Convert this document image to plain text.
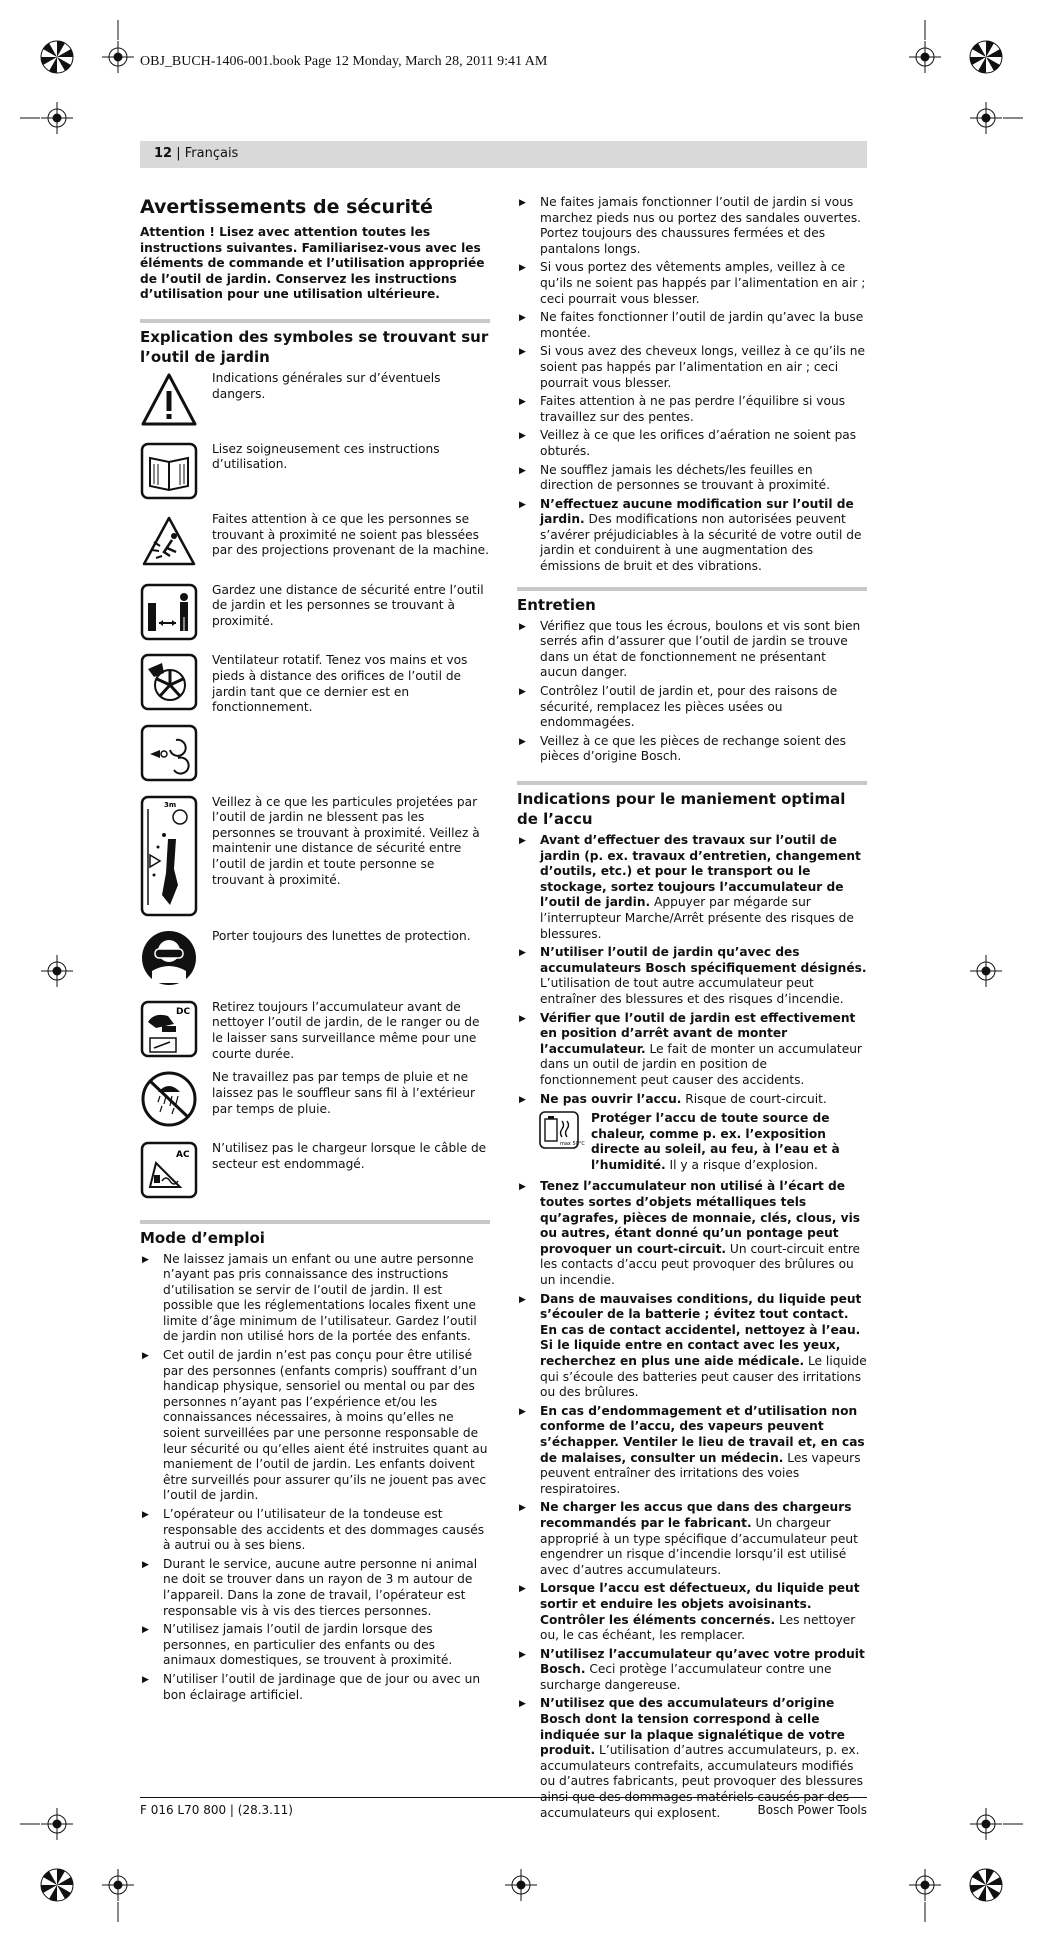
OBJ_BUCH-1406-001.book Page 12 Monday, March 28, 2011 9:41 AM
12 | Français
Avertissements de sécurité
Attention ! Lisez avec attention toutes les instructions suivantes. Familiarisez-vous avec les éléments de commande et l’utilisation appropriée de l’outil de jardin. Conservez les instructions d’utilisation pour une utilisation ultérieure.
Explication des symboles se trouvant sur l’outil de jardin
Indications générales sur d’éventuels dangers.
Lisez soigneusement ces instructions d’utilisation.
Faites attention à ce que les personnes se trouvant à proximité ne soient pas blessées par des projections provenant de la machine.
Gardez une distance de sécurité entre l’outil de jardin et les personnes se trouvant à proximité.
Ventilateur rotatif. Tenez vos mains et vos pieds à distance des orifices de l’outil de jardin tant que ce dernier est en fonctionnement.
3m	Veillez à ce que les particules projetées par l’outil de jardin ne blessent pas les personnes se trouvant à proximité. Veillez à maintenir une distance de sécurité entre l’outil de jardin et toute personne se trouvant à proximité.
Porter toujours des lunettes de protection.
DC Retirez toujours l’accumulateur avant de nettoyer l’outil de jardin, de le ranger ou de le laisser sans surveillance même pour une courte durée.
Ne travaillez pas par temps de pluie et ne laissez pas le souffleur sans fil à l’extérieur par temps de pluie.
AC N’utilisez pas le chargeur lorsque le câble de secteur est endommagé.
Mode d’emploi
▶ Ne laissez jamais un enfant ou une autre personne n’ayant pas pris connaissance des instructions d’utilisation se servir de l’outil de jardin. Il est possible que les réglementations locales fixent une limite d’âge minimum de l’utilisateur. Gardez l’outil de jardin non utilisé hors de la portée des enfants.
▶ Cet outil de jardin n’est pas conçu pour être utilisé par des personnes (enfants compris) souffrant d’un handicap physique, sensoriel ou mental ou par des personnes n’ayant pas l’expérience et/ou les connaissances nécessaires, à moins qu’elles ne soient surveillées par une personne responsable de leur sécurité ou qu’elles aient été instruites quant au maniement de l’outil de jardin. Les enfants doivent être surveillés pour assurer qu’ils ne jouent pas avec l’outil de jardin.
▶ L’opérateur ou l’utilisateur de la tondeuse est responsable des accidents et des dommages causés à autrui ou à ses biens.
▶ Durant le service, aucune autre personne ni animal ne doit se trouver dans un rayon de 3 m autour de l’appareil. Dans la zone de travail, l’opérateur est responsable vis à vis des tierces personnes.
▶ N’utilisez jamais l’outil de jardin lorsque des personnes, en particulier des enfants ou des animaux domestiques, se trouvent à proximité.
▶ N’utiliser l’outil de jardinage que de jour ou avec un bon éclairage artificiel.
▶ Ne faites jamais fonctionner l’outil de jardin si vous marchez pieds nus ou portez des sandales ouvertes. Portez toujours des chaussures fermées et des pantalons longs.
▶ Si vous portez des vêtements amples, veillez à ce qu’ils ne soient pas happés par l’alimentation en air ; ceci pourrait vous blesser.
▶ Ne faites fonctionner l’outil de jardin qu’avec la buse montée.
▶ Si vous avez des cheveux longs, veillez à ce qu’ils ne soient pas happés par l’alimentation en air ; ceci pourrait vous blesser.
▶ Faites attention à ne pas perdre l’équilibre si vous travaillez sur des pentes.
▶ Veillez à ce que les orifices d’aération ne soient pas obturés.
▶ Ne soufflez jamais les déchets/les feuilles en direction de personnes se trouvant à proximité.
▶ N’effectuez aucune modification sur l’outil de jardin. Des modifications non autorisées peuvent s’avérer préjudiciables à la sécurité de votre outil de jardin et conduirent à une augmentation des émissions de bruit et des vibrations.
Entretien
▶ Vérifiez que tous les écrous, boulons et vis sont bien serrés afin d’assurer que l’outil de jardin se trouve dans un état de fonctionnement ne présentant aucun danger.
▶ Contrôlez l’outil de jardin et, pour des raisons de sécurité, remplacez les pièces usées ou endommagées.
▶ Veillez à ce que les pièces de rechange soient des pièces d’origine Bosch.
Indications pour le maniement optimal de l’accu
▶ Avant d’effectuer des travaux sur l’outil de jardin (p. ex. travaux d’entretien, changement d’outils, etc.) et pour le transport ou le stockage, sortez toujours l’accumulateur de l’outil de jardin. Appuyer par mégarde sur l’interrupteur Marche/Arrêt présente des risques de blessures.
▶ N’utiliser l’outil de jardin qu’avec des accumulateurs Bosch spécifiquement désignés. L’utilisation de tout autre accumulateur peut entraîner des blessures et des risques d’incendie.
▶ Vérifier que l’outil de jardin est effectivement en position d’arrêt avant de monter l’accumulateur. Le fait de monter un accumulateur dans un outil de jardin en position de fonctionnement peut causer des accidents.
▶ Ne pas ouvrir l’accu. Risque de court-circuit.
max 50°C
Protéger l’accu de toute source de chaleur, comme p. ex. l’exposition directe au soleil, au feu, à l’eau et à l’humidité. Il y a risque d’explosion.
▶ Tenez l’accumulateur non utilisé à l’écart de toutes sortes d’objets métalliques tels qu’agrafes, pièces de monnaie, clés, clous, vis ou autres, étant donné qu’un pontage peut provoquer un court-circuit. Un court-circuit entre les contacts d’accu peut provoquer des brûlures ou un incendie.
▶ Dans de mauvaises conditions, du liquide peut s’écouler de la batterie ; évitez tout contact. En cas de contact accidentel, nettoyez à l’eau. Si le liquide entre en contact avec les yeux, recherchez en plus une aide médicale. Le liquide qui s’écoule des batteries peut causer des irritations ou des brûlures.
▶ En cas d’endommagement et d’utilisation non conforme de l’accu, des vapeurs peuvent s’échapper. Ventiler le lieu de travail et, en cas de malaises, consulter un médecin. Les vapeurs peuvent entraîner des irritations des voies respiratoires.
▶ Ne charger les accus que dans des chargeurs recommandés par le fabricant. Un chargeur approprié à un type spécifique d’accumulateur peut engendrer un risque d’incendie lorsqu’il est utilisé avec d’autres accumulateurs.
▶ Lorsque l’accu est défectueux, du liquide peut sortir et enduire les objets avoisinants. Contrôler les éléments concernés. Les nettoyer ou, le cas échéant, les remplacer.
▶ N’utilisez l’accumulateur qu’avec votre produit Bosch. Ceci protège l’accumulateur contre une surcharge dangereuse.
▶ N’utilisez que des accumulateurs d’origine Bosch dont la tension correspond à celle indiquée sur la plaque signalétique de votre produit. L’utilisation d’autres accumulateurs, p. ex. accumulateurs contrefaits, accumulateurs modifiés ou d’autres fabricants, peut provoquer des blessures ainsi que des dommages matériels causés par des accumulateurs qui explosent.
F 016 L70 800 | (28.3.11)	Bosch Power Tools
